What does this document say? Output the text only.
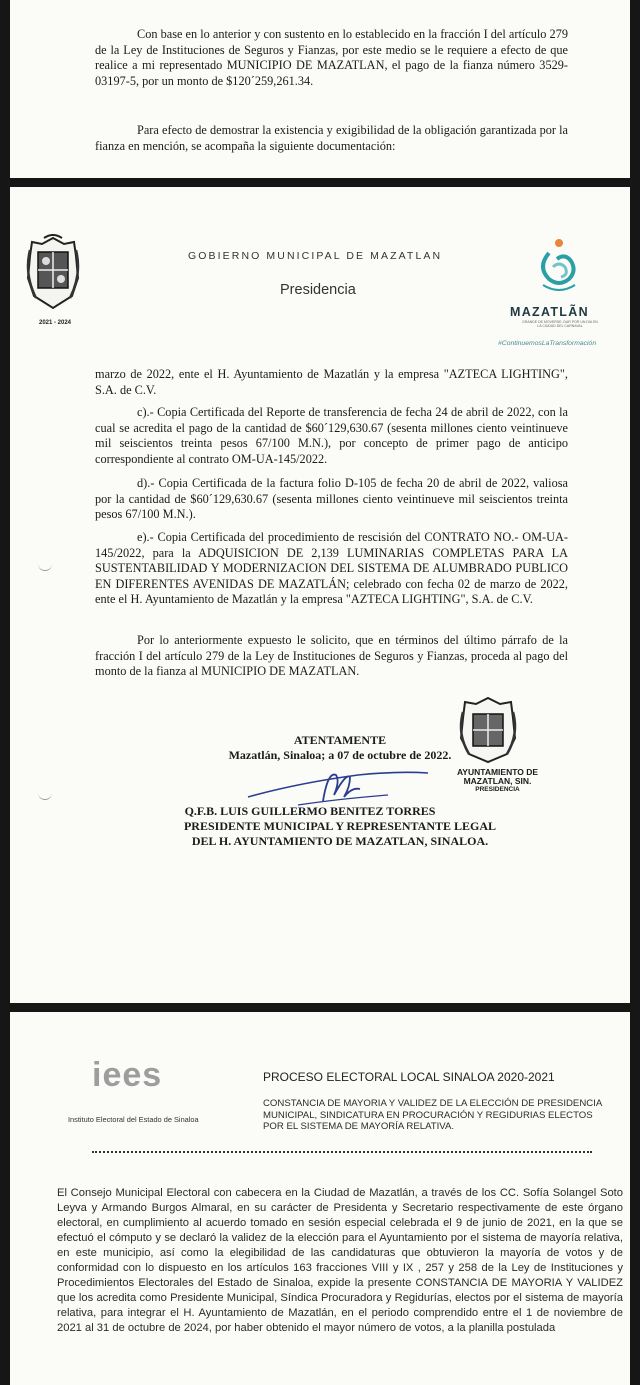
Con base en lo anterior y con sustento en lo establecido en la fracción I del artículo 279 de la Ley de Instituciones de Seguros y Fianzas, por este medio se le requiere a efecto de que realice a mi representado MUNICIPIO DE MAZATLAN, el pago de la fianza número 3529-03197-5, por un monto de $120´259,261.34.

Para efecto de demostrar la existencia y exigibilidad de la obligación garantizada por la fianza en mención, se acompaña la siguiente documentación:

2021 - 2024
GOBIERNO MUNICIPAL DE MAZATLAN
Presidencia
MAZATLÃN
GRANDE DE MOVERSE, DAR POR UN DIA EN LA CIUDAD DEL CARNAVAL
#ContinuemosLaTransformación

marzo de 2022, ente el H. Ayuntamiento de Mazatlán y la empresa "AZTECA LIGHTING", S.A. de C.V.

c).- Copia Certificada del Reporte de transferencia de fecha 24 de abril de 2022, con la cual se acredita el pago de la cantidad de $60´129,630.67 (sesenta millones ciento veintinueve mil seiscientos treinta pesos 67/100 M.N.), por concepto de primer pago de anticipo correspondiente al contrato OM-UA-145/2022.

d).- Copia Certificada de la factura folio D-105 de fecha 20 de abril de 2022, valiosa por la cantidad de $60´129,630.67 (sesenta millones ciento veintinueve mil seiscientos treinta pesos 67/100 M.N.).

e).- Copia Certificada del procedimiento de rescisión del CONTRATO NO.- OM-UA-145/2022, para la ADQUISICION DE 2,139 LUMINARIAS COMPLETAS PARA LA SUSTENTABILIDAD Y MODERNIZACION DEL SISTEMA DE ALUMBRADO PUBLICO EN DIFERENTES AVENIDAS DE MAZATLÁN; celebrado con fecha 02 de marzo de 2022, ente el H. Ayuntamiento de Mazatlán y la empresa "AZTECA LIGHTING", S.A. de C.V.

Por lo anteriormente expuesto le solicito, que en términos del último párrafo de la fracción I del artículo 279 de la Ley de Instituciones de Seguros y Fianzas, proceda al pago del monto de la fianza al MUNICIPIO DE MAZATLAN.

ATENTAMENTE
Mazatlán, Sinaloa; a 07 de octubre de 2022.
AYUNTAMIENTO DE
MAZATLAN, SIN.
PRESIDENCIA
Q.F.B. LUIS GUILLERMO BENITEZ TORRES
PRESIDENTE MUNICIPAL Y REPRESENTANTE LEGAL
DEL H. AYUNTAMIENTO DE MAZATLAN, SINALOA.
iees
Instituto Electoral del Estado de Sinaloa
PROCESO ELECTORAL LOCAL SINALOA 2020-2021
CONSTANCIA DE MAYORIA Y VALIDEZ DE LA ELECCIÓN DE PRESIDENCIA MUNICIPAL, SINDICATURA EN PROCURACIÓN Y REGIDURIAS ELECTOS POR EL SISTEMA DE MAYORÍA RELATIVA.

El Consejo Municipal Electoral con cabecera en la Ciudad de Mazatlán, a través de los CC. Sofía Solangel Soto Leyva y Armando Burgos Almaral, en su carácter de Presidenta y Secretario respectivamente de este órgano electoral, en cumplimiento al acuerdo tomado en sesión especial celebrada el 9 de junio de 2021, en la que se efectuó el cómputo y se declaró la validez de la elección para el Ayuntamiento por el sistema de mayoría relativa, en este municipio, así como la elegibilidad de las candidaturas que obtuvieron la mayoría de votos y de conformidad con lo dispuesto en los artículos 163 fracciones VIII y IX , 257 y 258 de la Ley de Instituciones y Procedimientos Electorales del Estado de Sinaloa, expide la presente CONSTANCIA DE MAYORIA Y VALIDEZ que los acredita como Presidente Municipal, Síndica Procuradora y Regidurías, electos por el sistema de mayoría relativa, para integrar el H. Ayuntamiento de Mazatlán, en el periodo comprendido entre el 1 de noviembre de 2021 al 31 de octubre de 2024, por haber obtenido el mayor número de votos, a la planilla postulada
